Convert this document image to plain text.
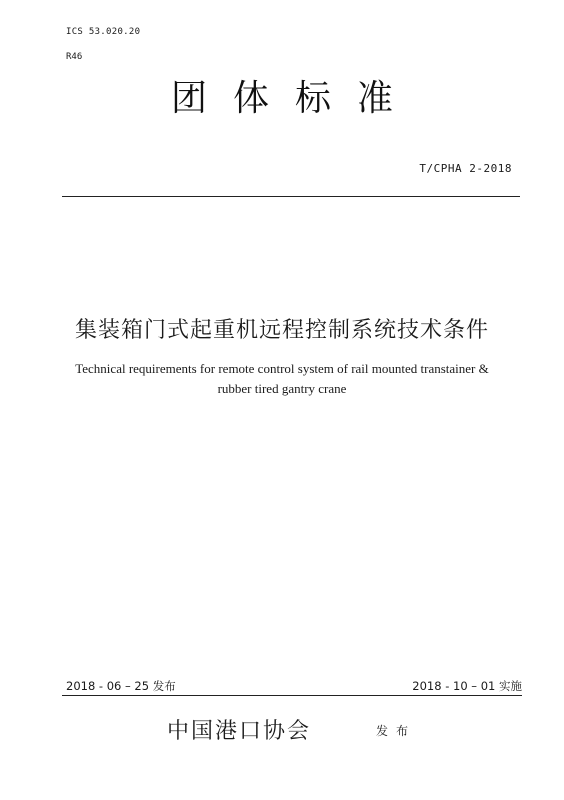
ICS 53.020.20
R46
团体标准
T/CPHA 2-2018
集装箱门式起重机远程控制系统技术条件
Technical requirements for remote control system of rail mounted transtainer &
rubber tired gantry crane
2018 - 06 – 25 发布	2018 - 10 – 01 实施
中国港口协会	发布
